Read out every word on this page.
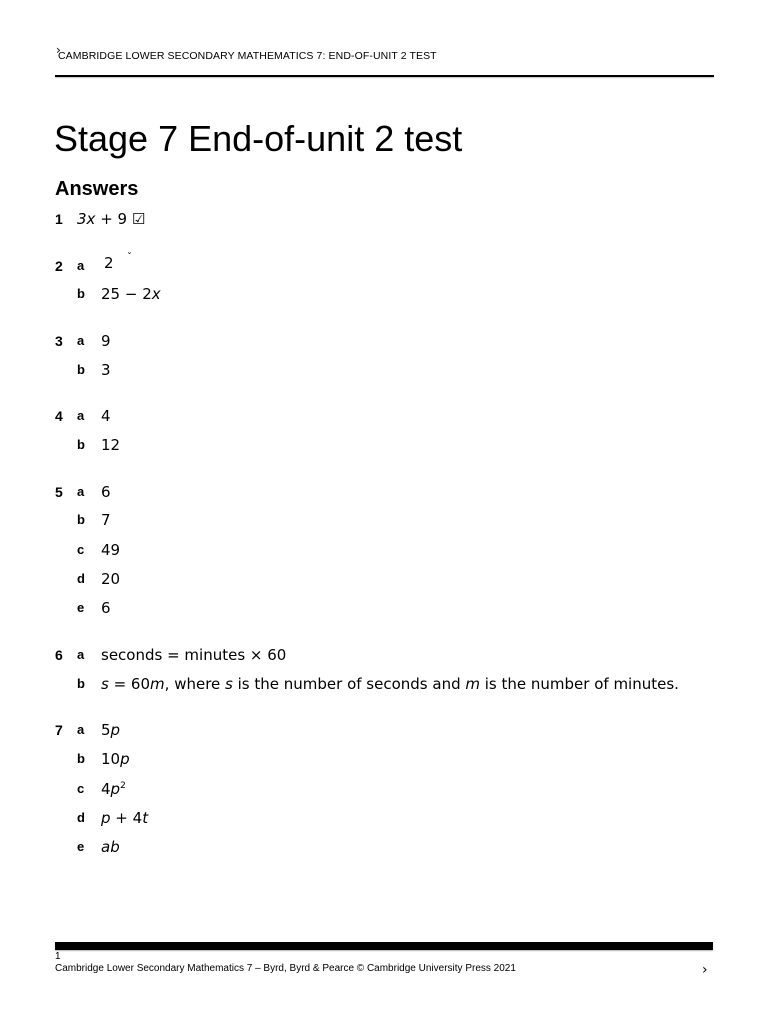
›
CAMBRIDGE LOWER SECONDARY MATHEMATICS 7: END-OF-UNIT 2 TEST
Stage 7 End-of-unit 2 test
Answers
1 3x + 9 ☑
2	a	2 ˇ
b	25 − 2x
3	a	9
b	3
4	a	4
b	12
5	a	6
b	7
c	49
d	20
e	6
6	a	seconds = minutes × 60
b	s = 60m, where s is the number of seconds and m is the number of minutes.
7	a	5p
b	10p
c	$4p^2$
d	p + 4t
e	ab
1
Cambridge Lower Secondary Mathematics 7 – Byrd, Byrd & Pearce © Cambridge University Press 2021	›
